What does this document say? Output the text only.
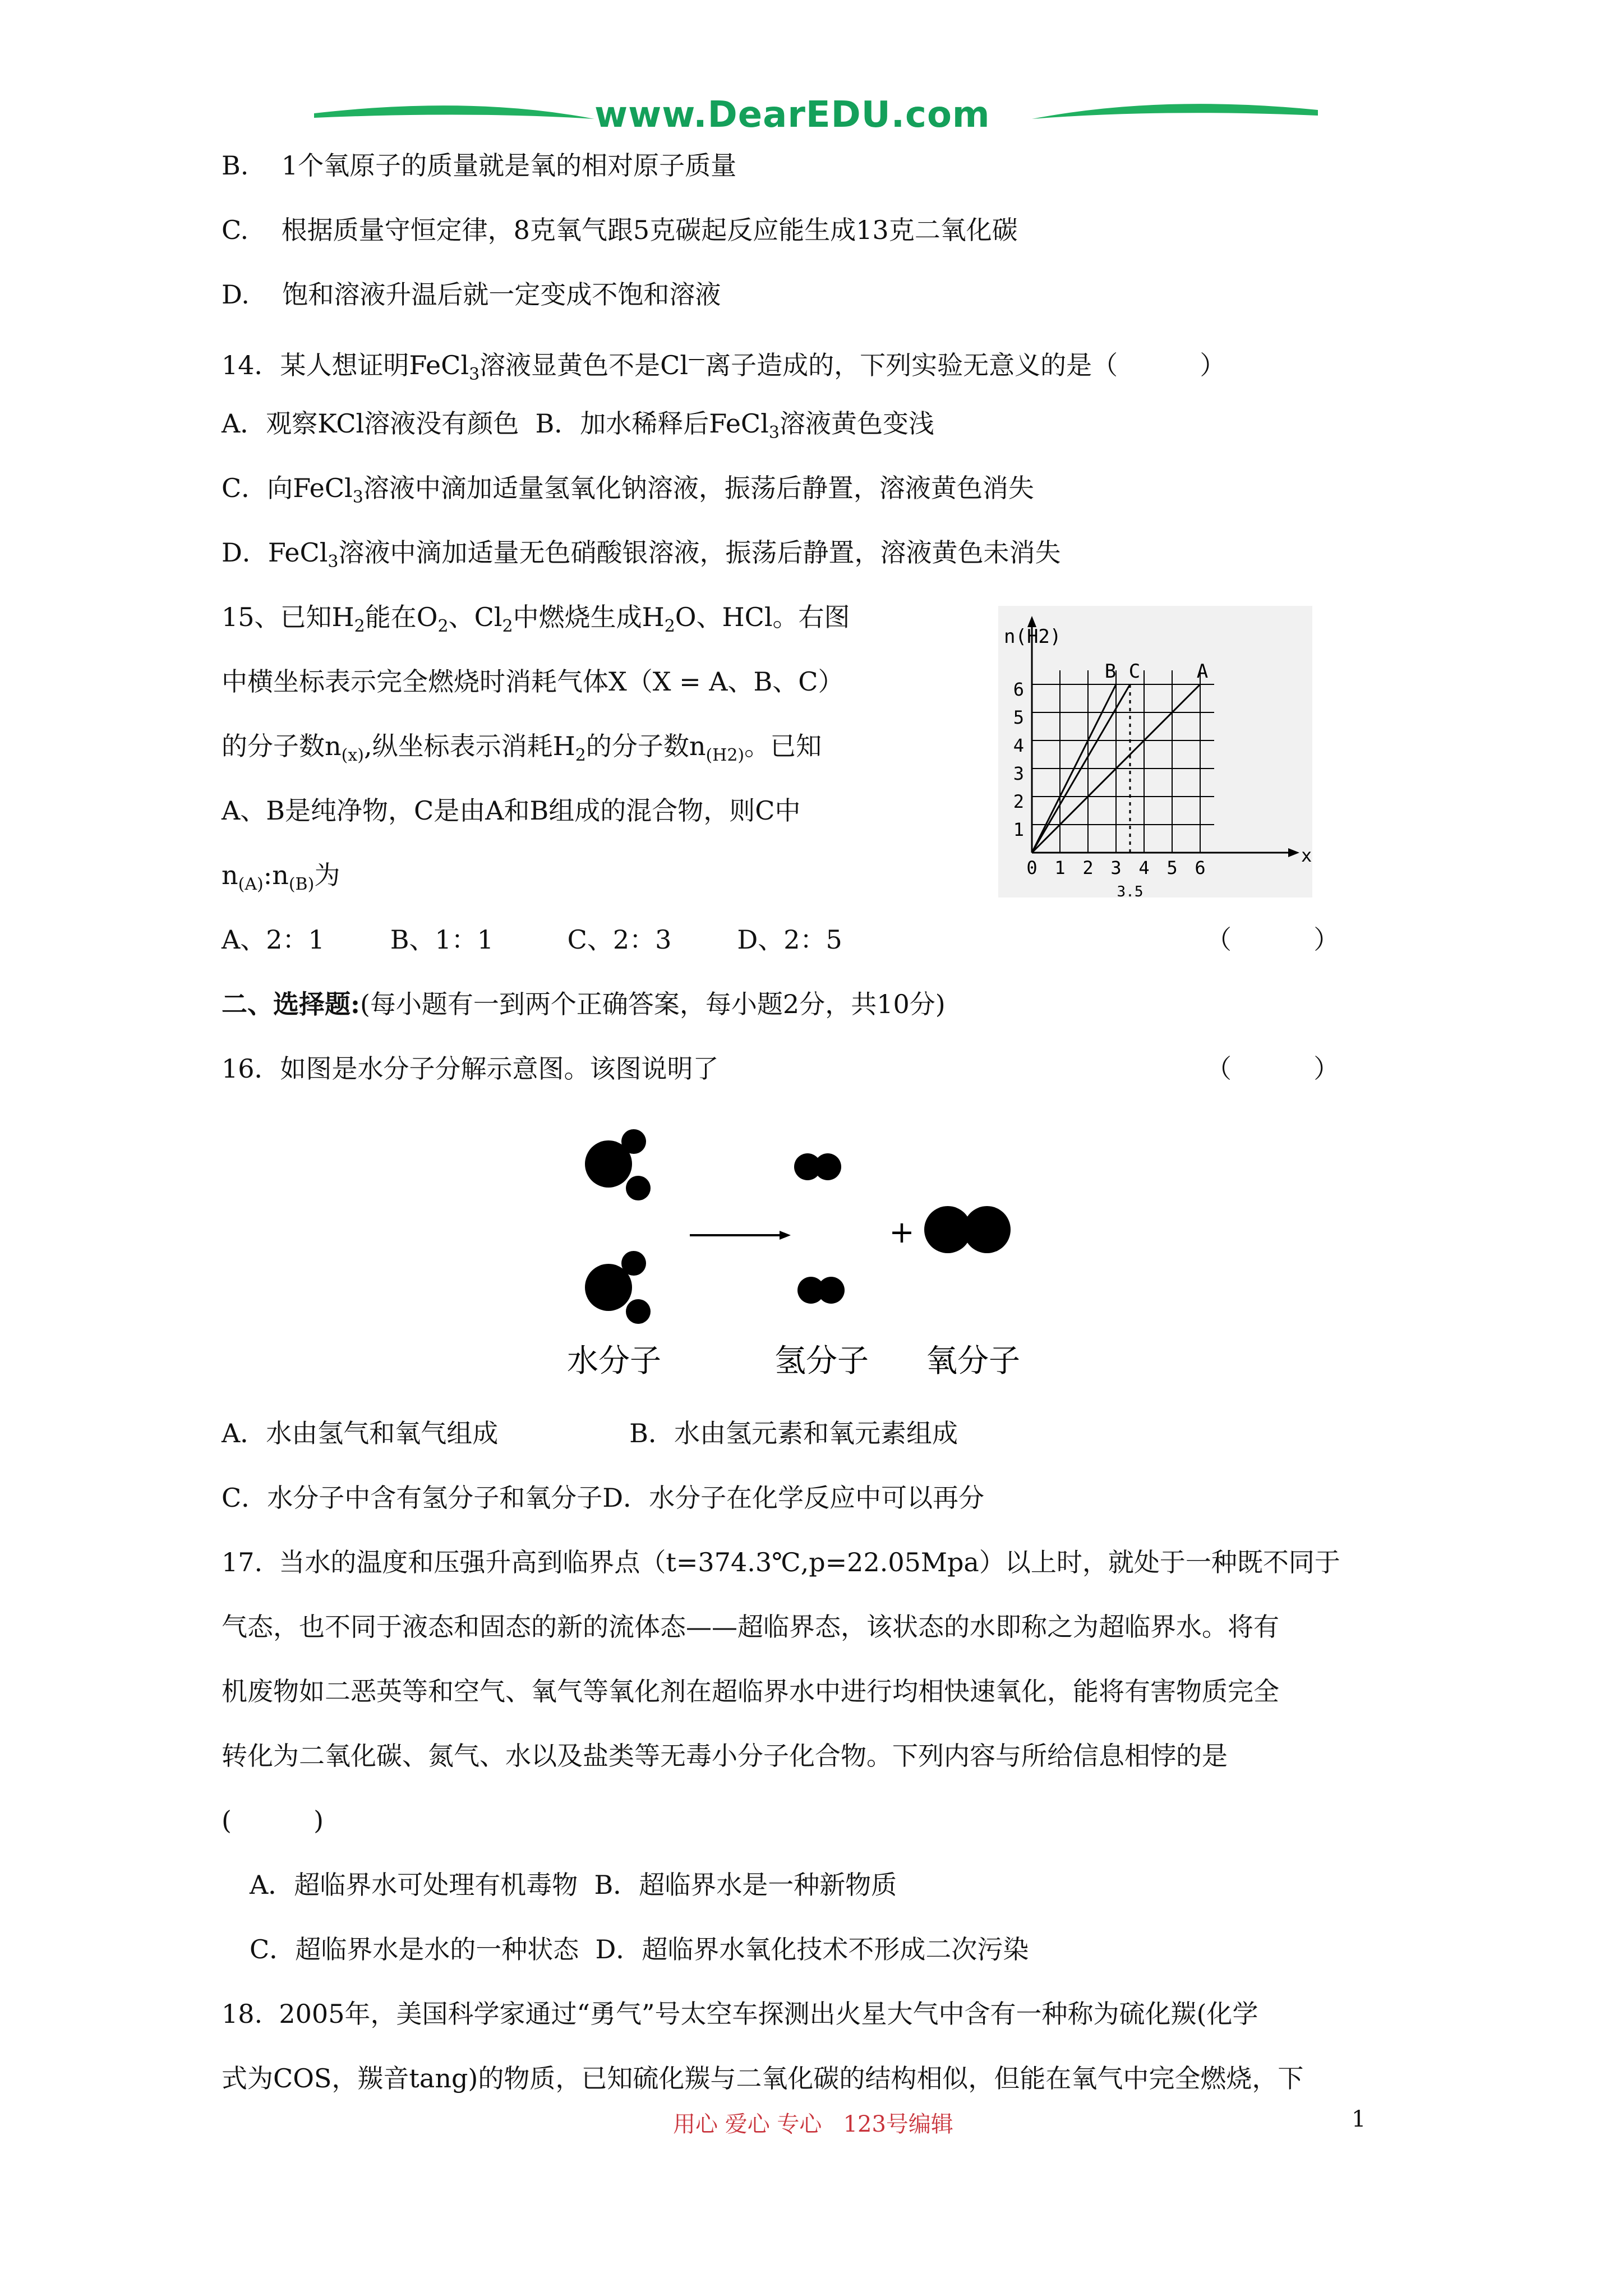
www.DearEDU.com
B.    1个氧原子的质量就是氧的相对原子质量
C.    根据质量守恒定律，8克氧气跟5克碳起反应能生成13克二氧化碳
D.    饱和溶液升温后就一定变成不饱和溶液
14．某人想证明FeCl$_3$溶液显黄色不是Cl—离子造成的，下列实验无意义的是（          ）
A．观察KCl溶液没有颜色  B．加水稀释后FeCl$_3$溶液黄色变浅
C．向FeCl$_3$溶液中滴加适量氢氧化钠溶液，振荡后静置，溶液黄色消失
D．FeCl$_3$溶液中滴加适量无色硝酸银溶液，振荡后静置，溶液黄色未消失
15、已知$H_2$能在$O_2$、$Cl_2$中燃烧生成$H_2O$、HCl。右图
中横坐标表示完全燃烧时消耗气体X（X = A、B、C）
的分子数$n_{(x)}$,纵坐标表示消耗$H_2$的分子数$n_{(H2)}$。已知
A、B是纯净物，C是由A和B组成的混合物，则C中
$n_{(A)}:n_{(B)}$为
A、2：1        B、1：1         C、2：3        D、2：5	（          ）
二、选择题:(每小题有一到两个正确答案，每小题2分，共10分)
16．如图是水分子分解示意图。该图说明了	（          ）
A．水由氢气和氧气组成                B．水由氢元素和氧元素组成
C．水分子中含有氢分子和氧分子D．水分子在化学反应中可以再分
17.  当水的温度和压强升高到临界点（t=374.3℃,p=22.05Mpa）以上时，就处于一种既不同于
气态，也不同于液态和固态的新的流体态——超临界态，该状态的水即称之为超临界水。将有
机废物如二恶英等和空气、氧气等氧化剂在超临界水中进行均相快速氧化，能将有害物质完全
转化为二氧化碳、氮气、水以及盐类等无毒小分子化合物。下列内容与所给信息相悖的是
(          )
A．超临界水可处理有机毒物  B．超临界水是一种新物质
C．超临界水是水的一种状态  D．超临界水氧化技术不形成二次污染
18.  2005年，美国科学家通过“勇气”号太空车探测出火星大气中含有一种称为硫化羰(化学
式为COS，羰音tang)的物质，已知硫化羰与二氧化碳的结构相似，但能在氧气中完全燃烧，下
A
B C
0 1 2 3 4 5 6
1
2
3
4
5
6
x
n(H2)
3.5
+
水分子	氢分子 氧分子
用心 爱心 专心   123号编辑	1
